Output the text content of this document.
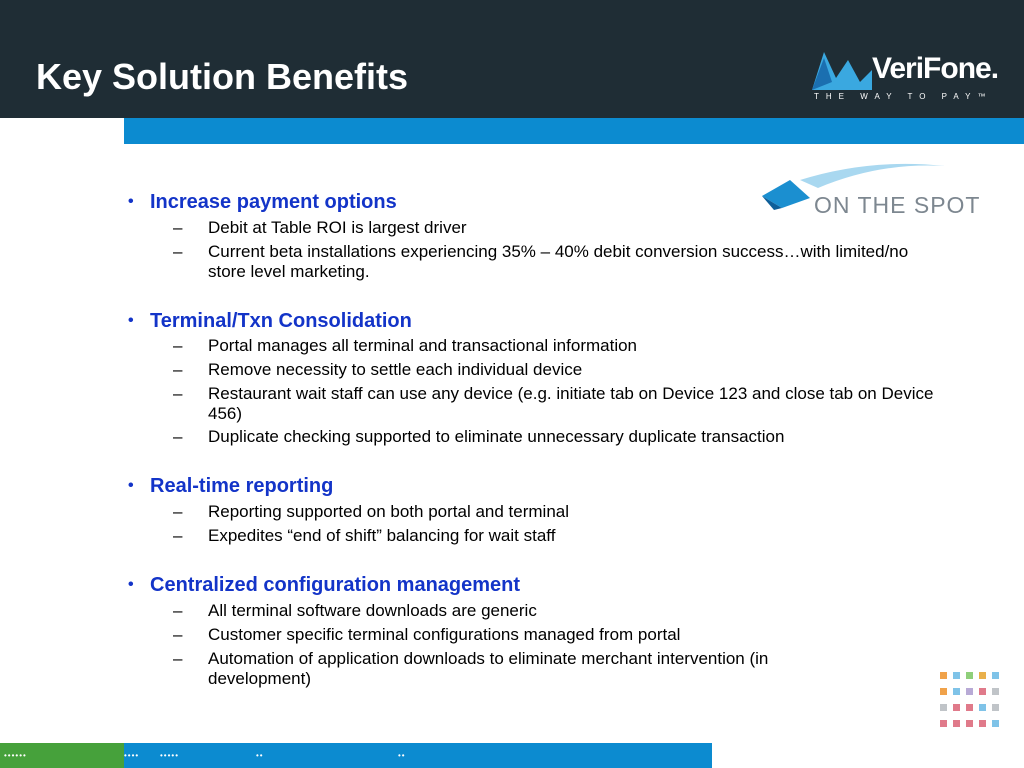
Key Solution Benefits	VeriFone.
THE WAY TO PAY™
ON THE SPOT
• Increase payment options
– Debit at Table ROI is largest driver
– Current beta installations experiencing 35% – 40% debit conversion success…with limited/no store level marketing.
• Terminal/Txn Consolidation
– Portal manages all terminal and transactional information
– Remove necessity to settle each individual device
– Restaurant wait staff can use any device (e.g. initiate tab on Device 123 and close tab on Device 456)
– Duplicate checking supported to eliminate unnecessary duplicate transaction
• Real-time reporting
– Reporting supported on both portal and terminal
– Expedites “end of shift” balancing for wait staff
• Centralized configuration management
– All terminal software downloads are generic
– Customer specific terminal configurations managed from portal
– Automation of application downloads to eliminate merchant intervention (in development)
••••••	••••	•••••	••	••
